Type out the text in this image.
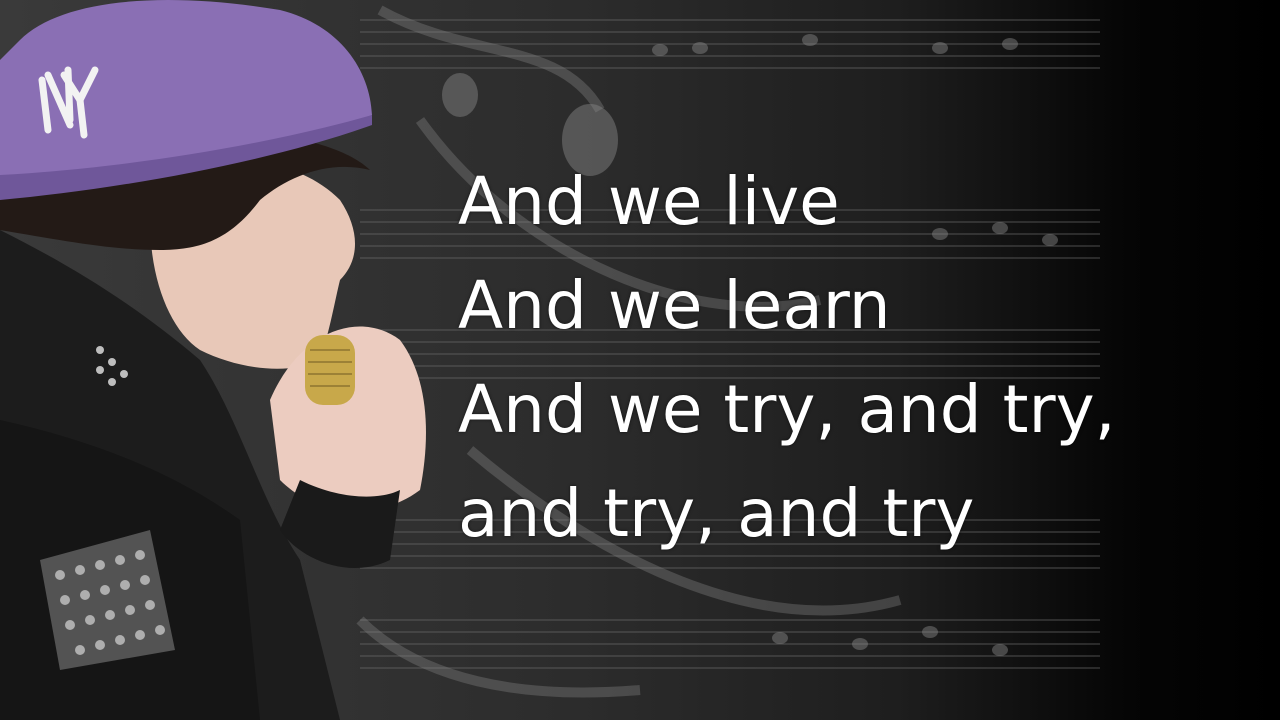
And we live
And we learn
And we try, and try,
and try, and try
